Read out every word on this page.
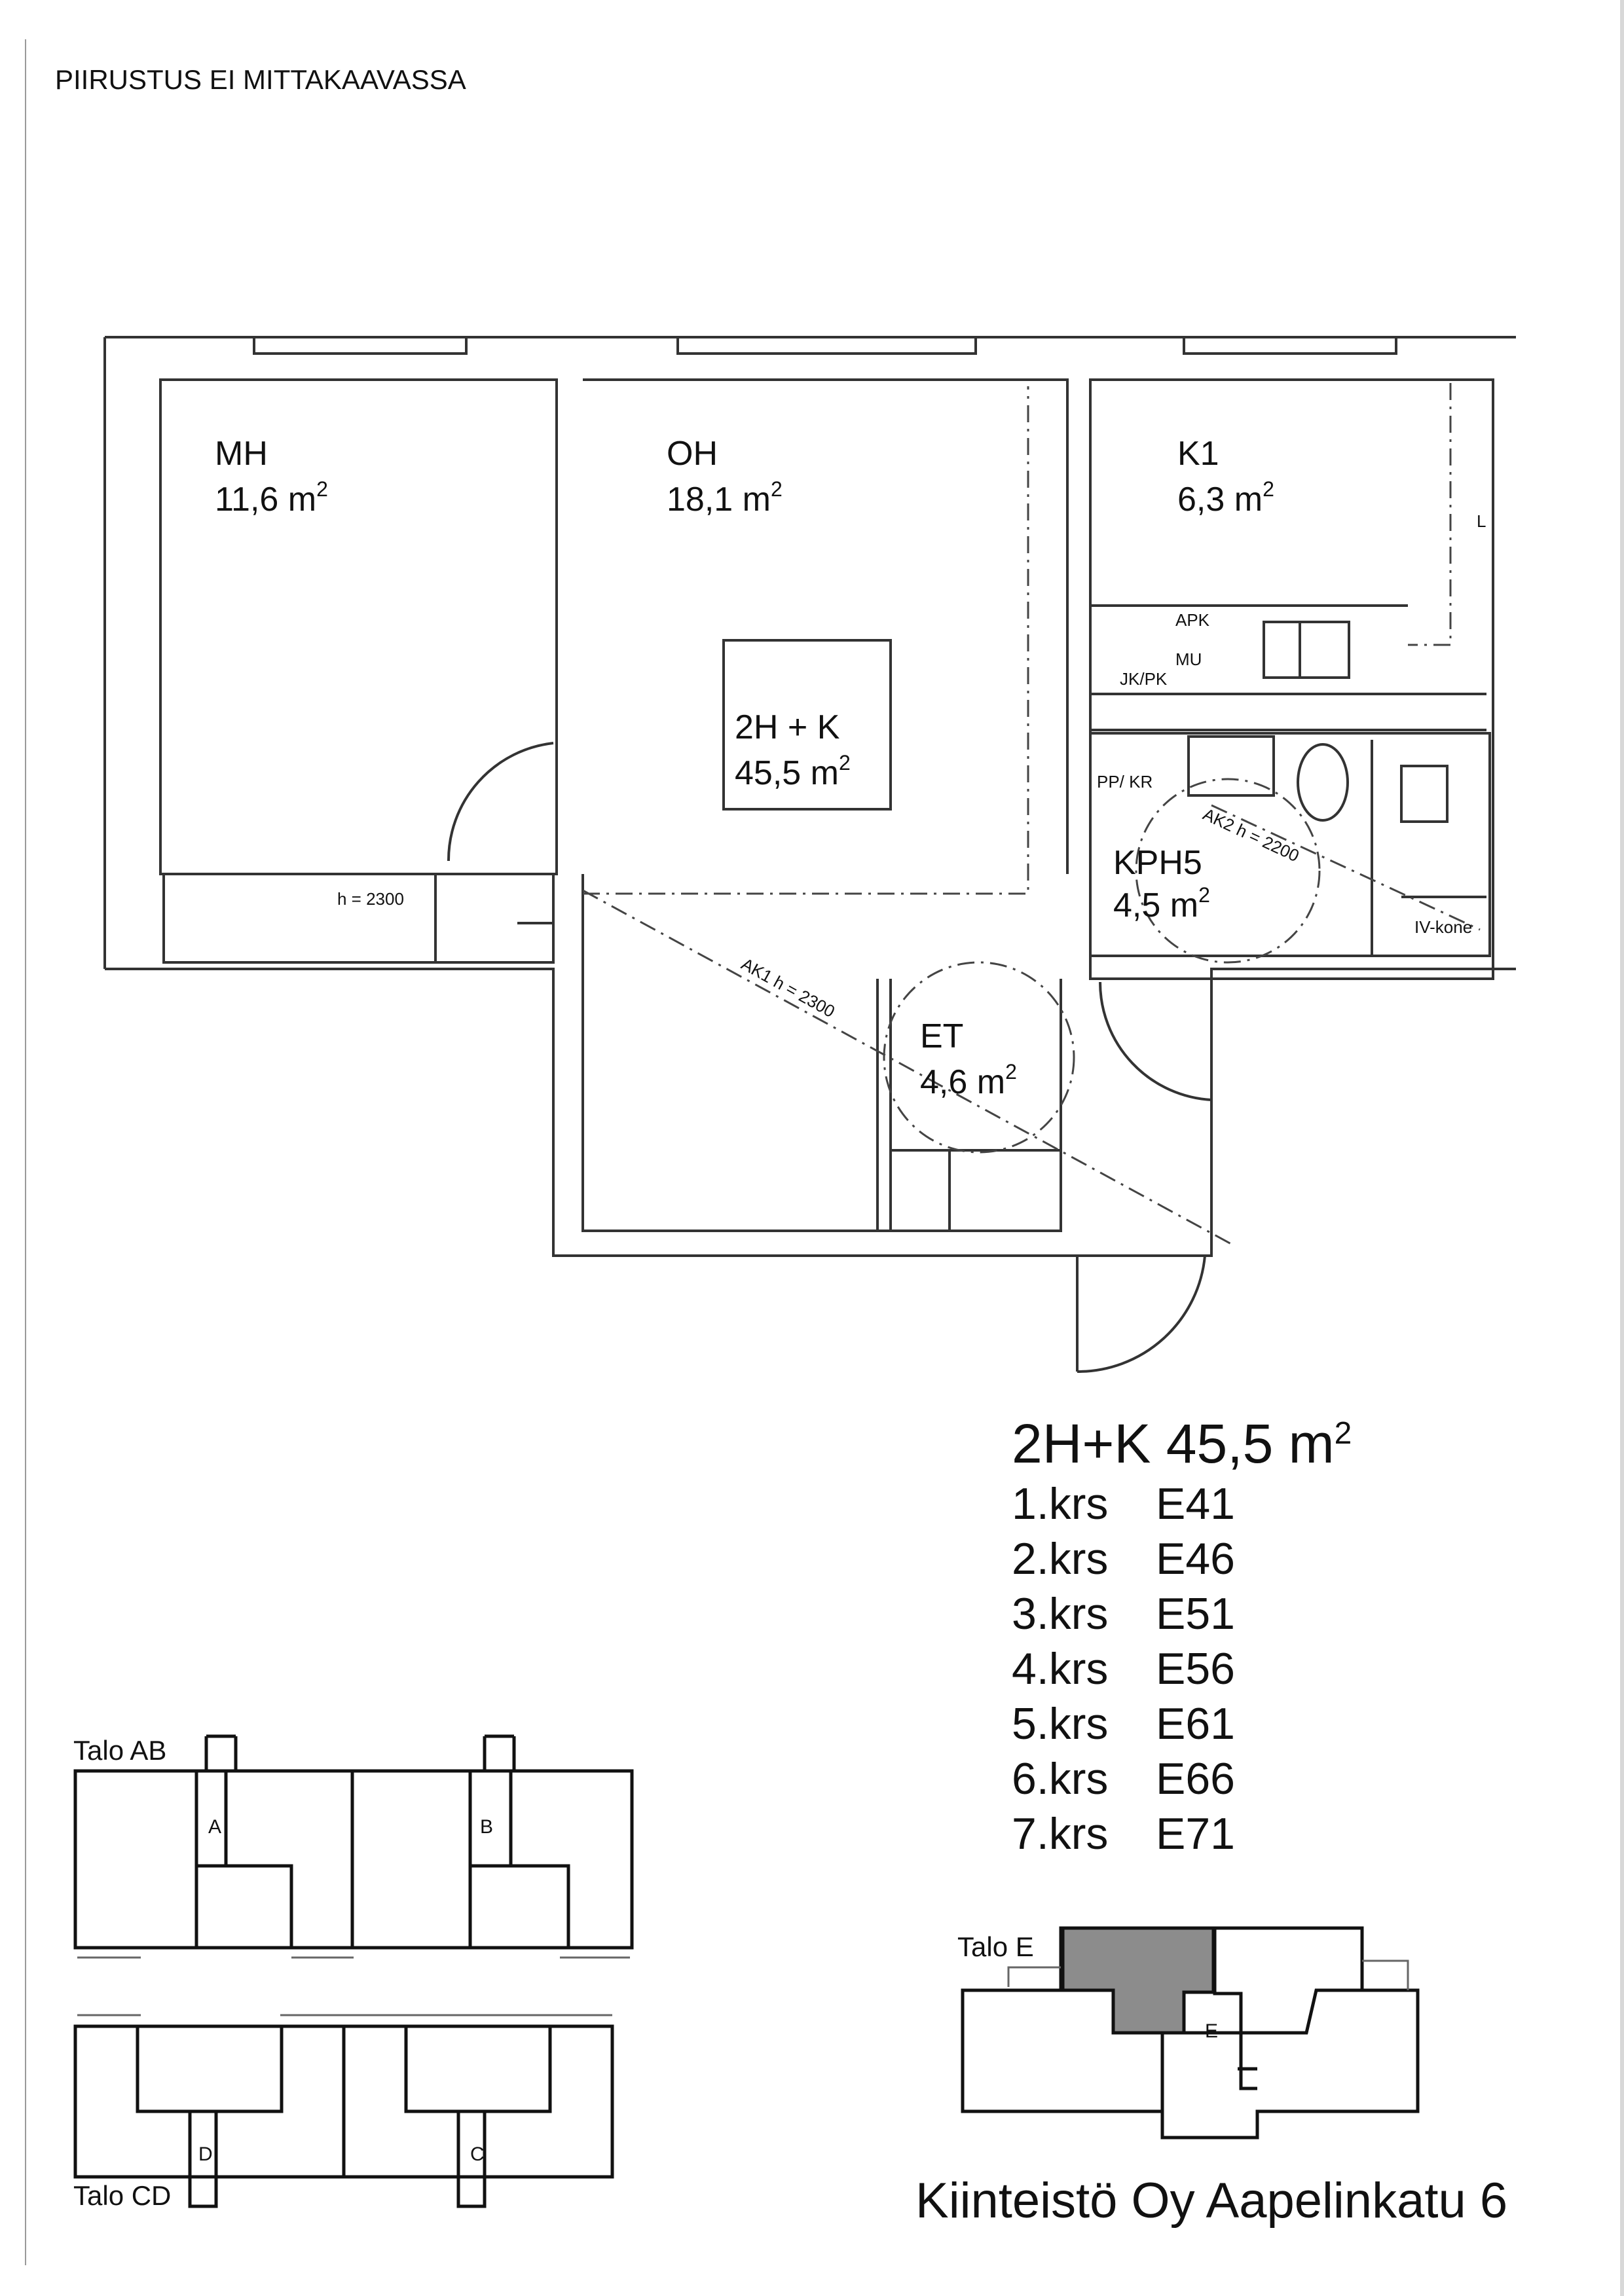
PIIRUSTUS EI MITTAKAAVASSA
MH
11,6 $m^2$
OH
18,1 $m^2$
K1
6,3 $m^2$
KPH5
4,5 $m^2$
ET
4,6 $m^2$
2H + K
45,5 $m^2$
h = 2300
APK
MU
JK/PK
PP/ KR
IV-kone
L
AK2 h = 2200
AK1 h = 2300
Talo AB
Talo CD
Talo E
A	B
C
D
E
2H+K 45,5 $m^2$
1.krs	E41
2.krs	E46
3.krs	E51
4.krs	E56
5.krs	E61
6.krs	E66
7.krs	E71
Kiinteistö Oy Aapelinkatu 6
